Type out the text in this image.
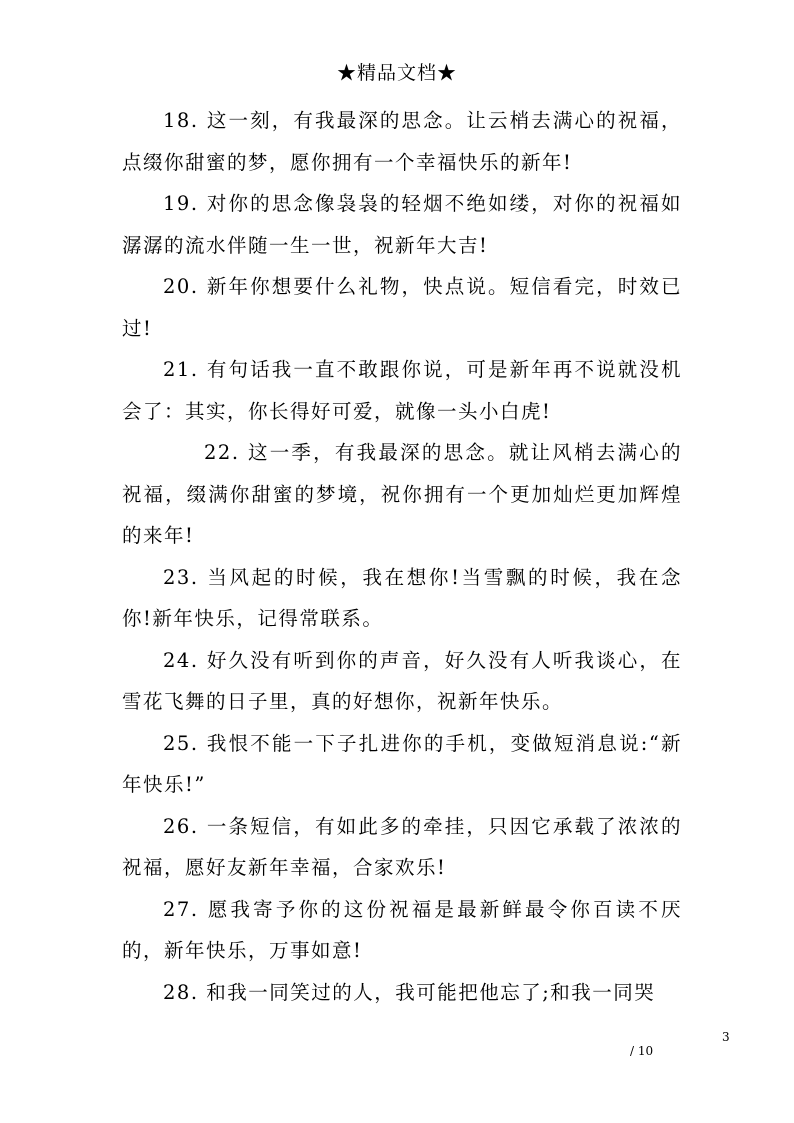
★精品文档★

18. 这一刻，有我最深的思念。让云梢去满心的祝福，点缀你甜蜜的梦，愿你拥有一个幸福快乐的新年!

19. 对你的思念像袅袅的轻烟不绝如缕，对你的祝福如潺潺的流水伴随一生一世，祝新年大吉!

20. 新年你想要什么礼物，快点说。短信看完，时效已过!

21. 有句话我一直不敢跟你说，可是新年再不说就没机会了：其实，你长得好可爱，就像一头小白虎!

22. 这一季，有我最深的思念。就让风梢去满心的祝福，缀满你甜蜜的梦境，祝你拥有一个更加灿烂更加辉煌的来年!

23. 当风起的时候，我在想你!当雪飘的时候，我在念你!新年快乐，记得常联系。

24. 好久没有听到你的声音，好久没有人听我谈心，在雪花飞舞的日子里，真的好想你，祝新年快乐。

25. 我恨不能一下子扎进你的手机，变做短消息说:“新年快乐!”

26. 一条短信，有如此多的牵挂，只因它承载了浓浓的祝福，愿好友新年幸福，合家欢乐!

27. 愿我寄予你的这份祝福是最新鲜最令你百读不厌的，新年快乐，万事如意!

28. 和我一同笑过的人，我可能把他忘了;和我一同哭

3
/ 10
